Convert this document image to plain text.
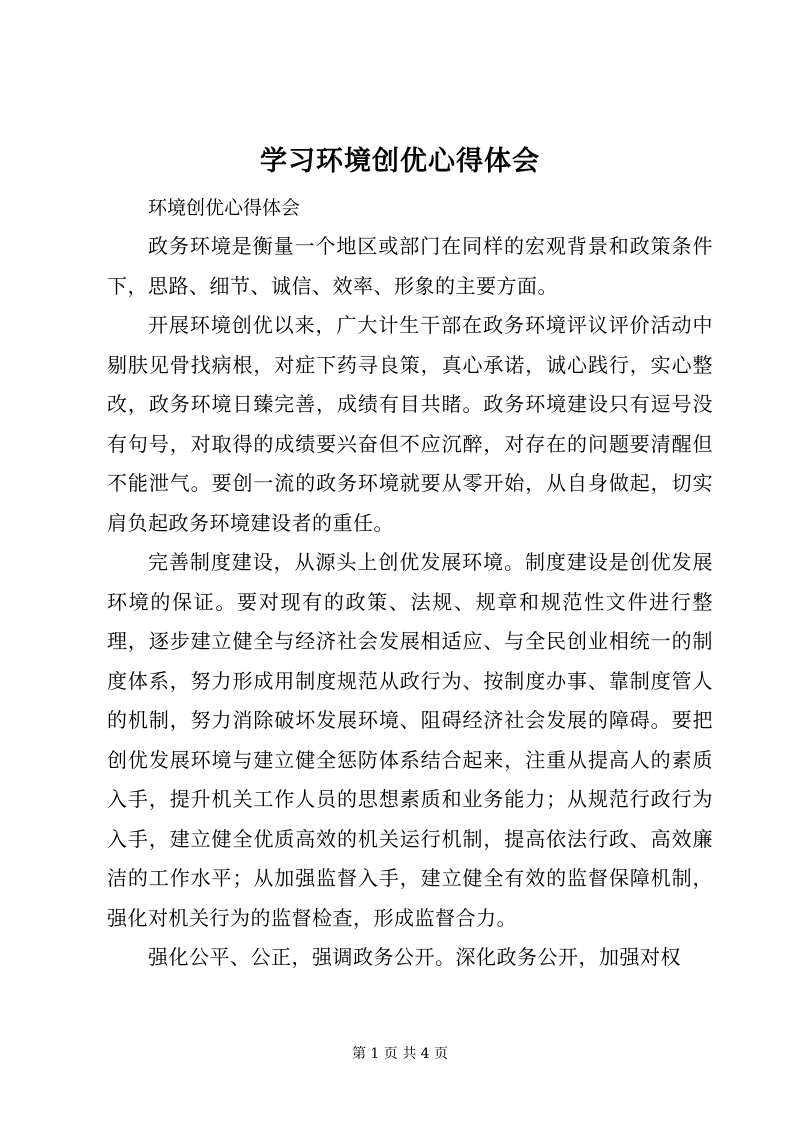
学习环境创优心得体会

环境创优心得体会

政务环境是衡量一个地区或部门在同样的宏观背景和政策条件下，思路、细节、诚信、效率、形象的主要方面。

开展环境创优以来，广大计生干部在政务环境评议评价活动中剔肤见骨找病根，对症下药寻良策，真心承诺，诚心践行，实心整改，政务环境日臻完善，成绩有目共睹。政务环境建设只有逗号没有句号，对取得的成绩要兴奋但不应沉醉，对存在的问题要清醒但不能泄气。要创一流的政务环境就要从零开始，从自身做起，切实肩负起政务环境建设者的重任。

完善制度建设，从源头上创优发展环境。制度建设是创优发展环境的保证。要对现有的政策、法规、规章和规范性文件进行整理，逐步建立健全与经济社会发展相适应、与全民创业相统一的制度体系，努力形成用制度规范从政行为、按制度办事、靠制度管人的机制，努力消除破坏发展环境、阻碍经济社会发展的障碍。要把创优发展环境与建立健全惩防体系结合起来，注重从提高人的素质入手，提升机关工作人员的思想素质和业务能力；从规范行政行为入手，建立健全优质高效的机关运行机制，提高依法行政、高效廉洁的工作水平；从加强监督入手，建立健全有效的监督保障机制，强化对机关行为的监督检查，形成监督合力。

强化公平、公正，强调政务公开。深化政务公开，加强对权

第 1 页 共 4 页
